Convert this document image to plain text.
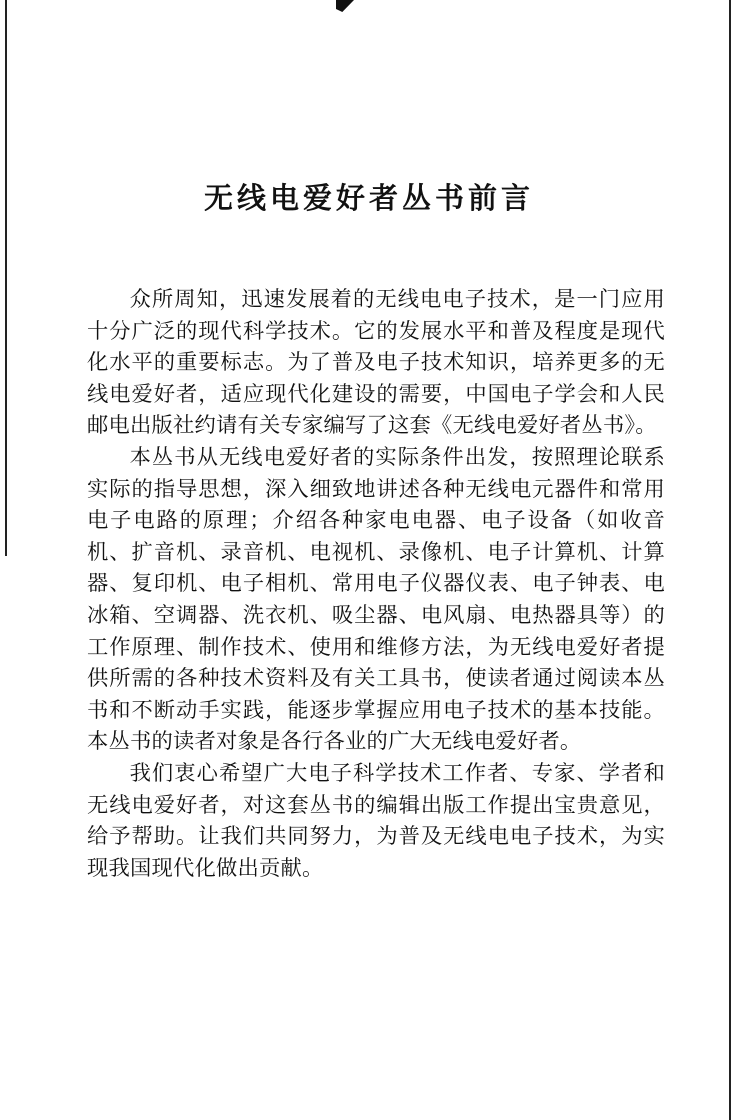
无线电爱好者丛书前言

众所周知，迅速发展着的无线电电子技术，是一门应用十分广泛的现代科学技术。它的发展水平和普及程度是现代化水平的重要标志。为了普及电子技术知识，培养更多的无线电爱好者，适应现代化建设的需要，中国电子学会和人民邮电出版社约请有关专家编写了这套《无线电爱好者丛书》。

本丛书从无线电爱好者的实际条件出发，按照理论联系实际的指导思想，深入细致地讲述各种无线电元器件和常用电子电路的原理；介绍各种家电电器、电子设备（如收音机、扩音机、录音机、电视机、录像机、电子计算机、计算器、复印机、电子相机、常用电子仪器仪表、电子钟表、电冰箱、空调器、洗衣机、吸尘器、电风扇、电热器具等）的工作原理、制作技术、使用和维修方法，为无线电爱好者提供所需的各种技术资料及有关工具书，使读者通过阅读本丛书和不断动手实践，能逐步掌握应用电子技术的基本技能。本丛书的读者对象是各行各业的广大无线电爱好者。

我们衷心希望广大电子科学技术工作者、专家、学者和无线电爱好者，对这套丛书的编辑出版工作提出宝贵意见，给予帮助。让我们共同努力，为普及无线电电子技术，为实现我国现代化做出贡献。
